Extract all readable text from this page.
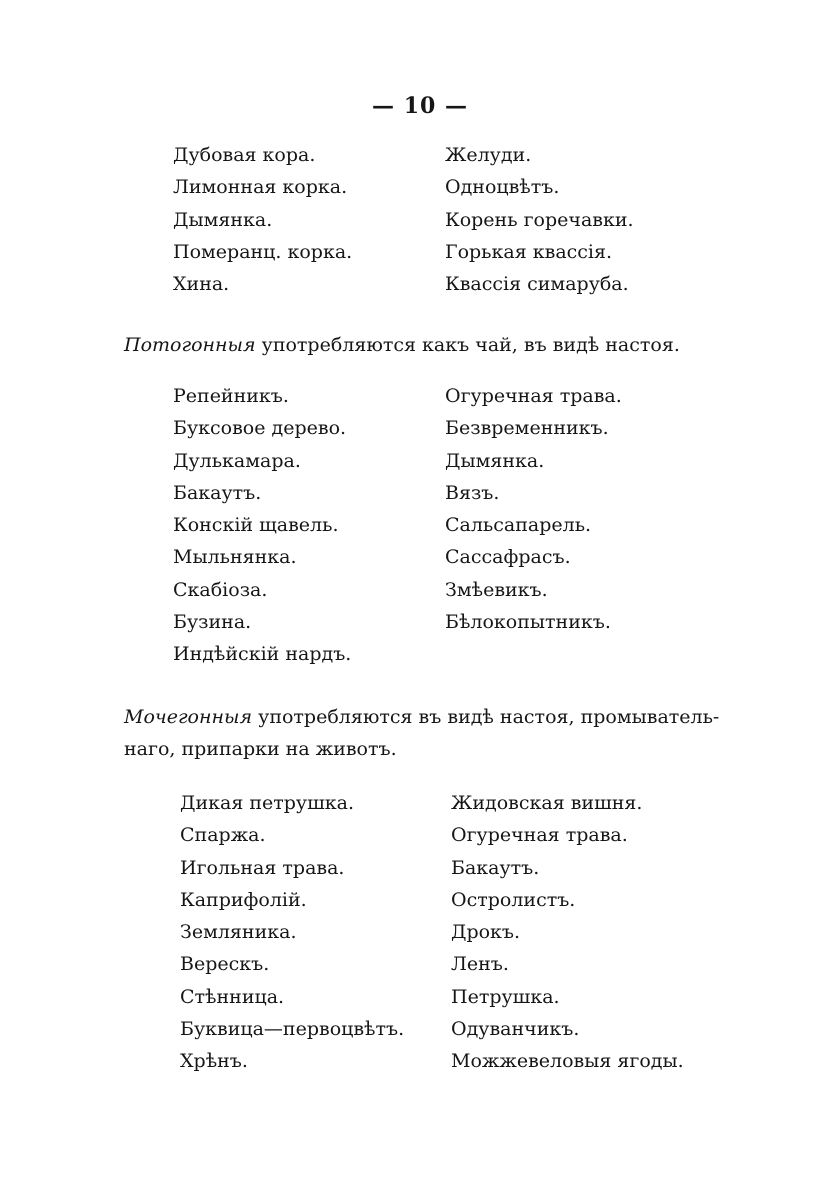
— 10 —
Дубовая кора.
Лимонная корка.
Дымянка.
Померанц. корка.
Хина.
Желуди.
Одноцвѣтъ.
Корень горечавки.
Горькая квассія.
Квассія симаруба.
Потогонныя употребляются какъ чай, въ видѣ настоя.
Репейникъ.
Буксовое дерево.
Дулькамара.
Бакаутъ.
Конскій щавель.
Мыльнянка.
Скабіоза.
Бузина.
Индѣйскій нардъ.
Огуречная трава.
Безвременникъ.
Дымянка.
Вязъ.
Сальсапарель.
Сассафрасъ.
Змѣевикъ.
Бѣлокопытникъ.
Мочегонныя употребляются въ видѣ настоя, промыватель-
наго, припарки на животъ.
Дикая петрушка.
Спаржа.
Игольная трава.
Каприфолій.
Земляника.
Верескъ.
Стѣнница.
Буквица—первоцвѣтъ.
Хрѣнъ.
Жидовская вишня.
Огуречная трава.
Бакаутъ.
Остролистъ.
Дрокъ.
Ленъ.
Петрушка.
Одуванчикъ.
Можжевеловыя ягоды.
